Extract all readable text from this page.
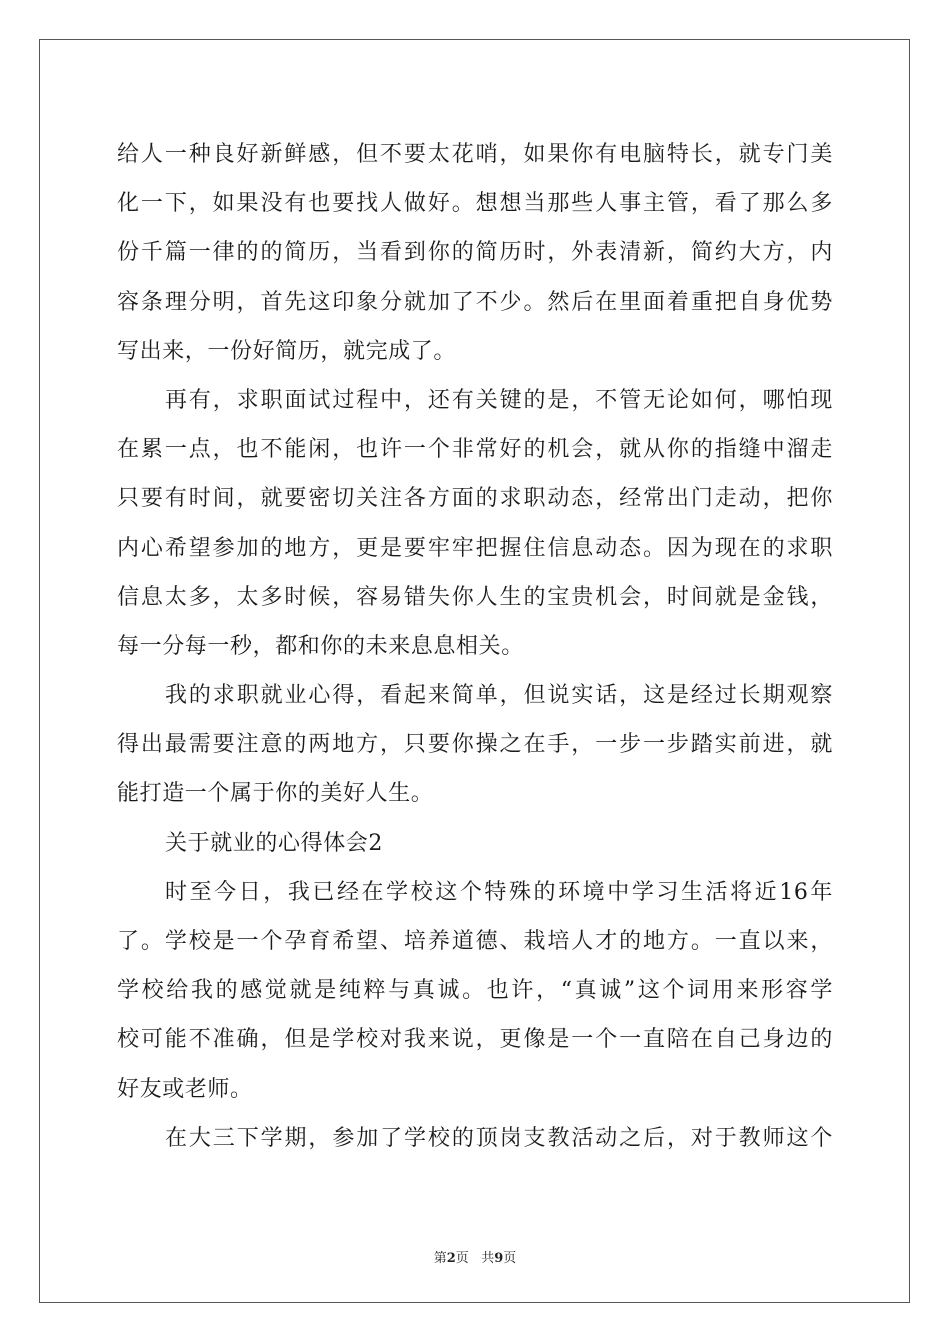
给人一种良好新鲜感，但不要太花哨，如果你有电脑特长，就专门美
化一下，如果没有也要找人做好。想想当那些人事主管，看了那么多
份千篇一律的的简历，当看到你的简历时，外表清新，简约大方，内
容条理分明，首先这印象分就加了不少。然后在里面着重把自身优势
写出来，一份好简历，就完成了。
再有，求职面试过程中，还有关键的是，不管无论如何，哪怕现
在累一点，也不能闲，也许一个非常好的机会，就从你的指缝中溜走
只要有时间，就要密切关注各方面的求职动态，经常出门走动，把你
内心希望参加的地方，更是要牢牢把握住信息动态。因为现在的求职
信息太多，太多时候，容易错失你人生的宝贵机会，时间就是金钱，
每一分每一秒，都和你的未来息息相关。
我的求职就业心得，看起来简单，但说实话，这是经过长期观察
得出最需要注意的两地方，只要你操之在手，一步一步踏实前进，就
能打造一个属于你的美好人生。
关于就业的心得体会2
时至今日，我已经在学校这个特殊的环境中学习生活将近16年
了。学校是一个孕育希望、培养道德、栽培人才的地方。一直以来，
学校给我的感觉就是纯粹与真诚。也许，“真诚”这个词用来形容学
校可能不准确，但是学校对我来说，更像是一个一直陪在自己身边的
好友或老师。
在大三下学期，参加了学校的顶岗支教活动之后，对于教师这个
第2页 共9页
